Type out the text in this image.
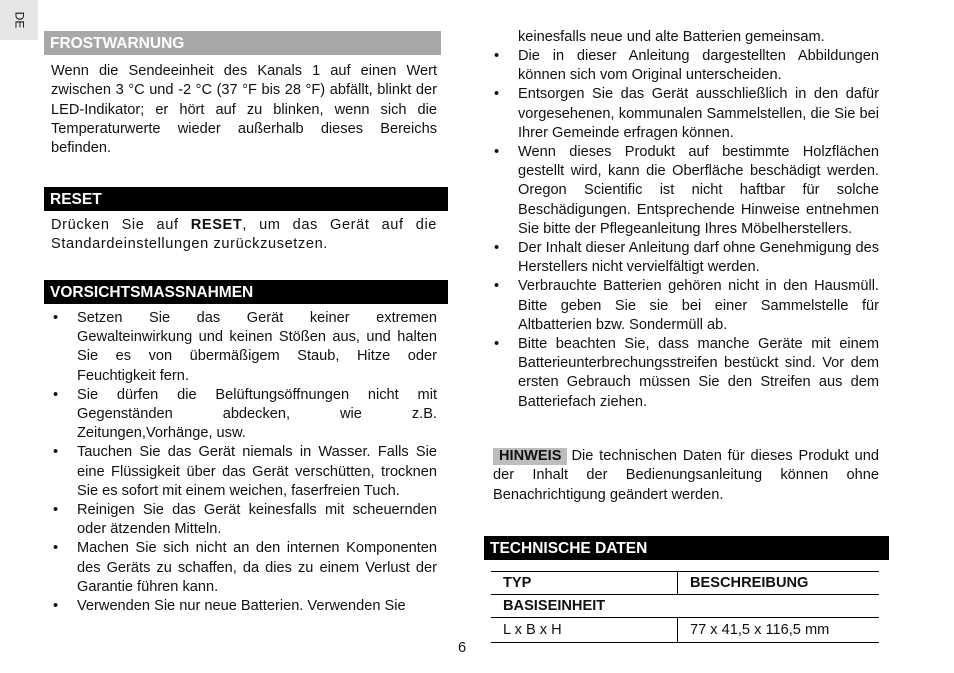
DE
FROSTWARNUNG

Wenn die Sendeeinheit des Kanals 1 auf einen Wert zwischen 3 °C und -2 °C (37 °F bis 28 °F) abfällt, blinkt der LED-Indikator; er hört auf zu blinken, wenn sich die Temperaturwerte wieder außerhalb dieses Bereichs befinden.

RESET

Drücken Sie auf RESET, um das Gerät auf die Standardeinstellungen zurückzusetzen.

VORSICHTSMASSNAHMEN
• Setzen Sie das Gerät keiner extremen Gewalteinwirkung und keinen Stößen aus, und halten Sie es von übermäßigem Staub, Hitze oder Feuchtigkeit fern.
• Sie dürfen die Belüftungsöffnungen nicht mit Gegenständen abdecken, wie z.B. Zeitungen,Vorhänge, usw.
• Tauchen Sie das Gerät niemals in Wasser. Falls Sie eine Flüssigkeit über das Gerät verschütten, trocknen Sie es sofort mit einem weichen, faserfreien Tuch.
• Reinigen Sie das Gerät keinesfalls mit scheuernden oder ätzenden Mitteln.
• Machen Sie sich nicht an den internen Komponenten des Geräts zu schaffen, da dies zu einem Verlust der Garantie führen kann.
• Verwenden Sie nur neue Batterien. Verwenden Sie

keinesfalls neue und alte Batterien gemeinsam.

• Die in dieser Anleitung dargestellten Abbildungen können sich vom Original unterscheiden.
• Entsorgen Sie das Gerät ausschließlich in den dafür vorgesehenen, kommunalen Sammelstellen, die Sie bei Ihrer Gemeinde erfragen können.
• Wenn dieses Produkt auf bestimmte Holzflächen gestellt wird, kann die Oberfläche beschädigt werden. Oregon Scientific ist nicht haftbar für solche Beschädigungen. Entsprechende Hinweise entnehmen Sie bitte der Pflegeanleitung Ihres Möbelherstellers.
• Der Inhalt dieser Anleitung darf ohne Genehmigung des Herstellers nicht vervielfältigt werden.
• Verbrauchte Batterien gehören nicht in den Hausmüll. Bitte geben Sie sie bei einer Sammelstelle für Altbatterien bzw. Sondermüll ab.
• Bitte beachten Sie, dass manche Geräte mit einem Batterieunterbrechungsstreifen bestückt sind. Vor dem ersten Gebrauch müssen Sie den Streifen aus dem Batteriefach ziehen.

HINWEIS Die technischen Daten für dieses Produkt und der Inhalt der Bedienungsanleitung können ohne Benachrichtigung geändert werden.

TECHNISCHE DATEN
TYP	BESCHREIBUNG
BASISEINHEIT	
L x B x H	77 x 41,5 x 116,5 mm
6
